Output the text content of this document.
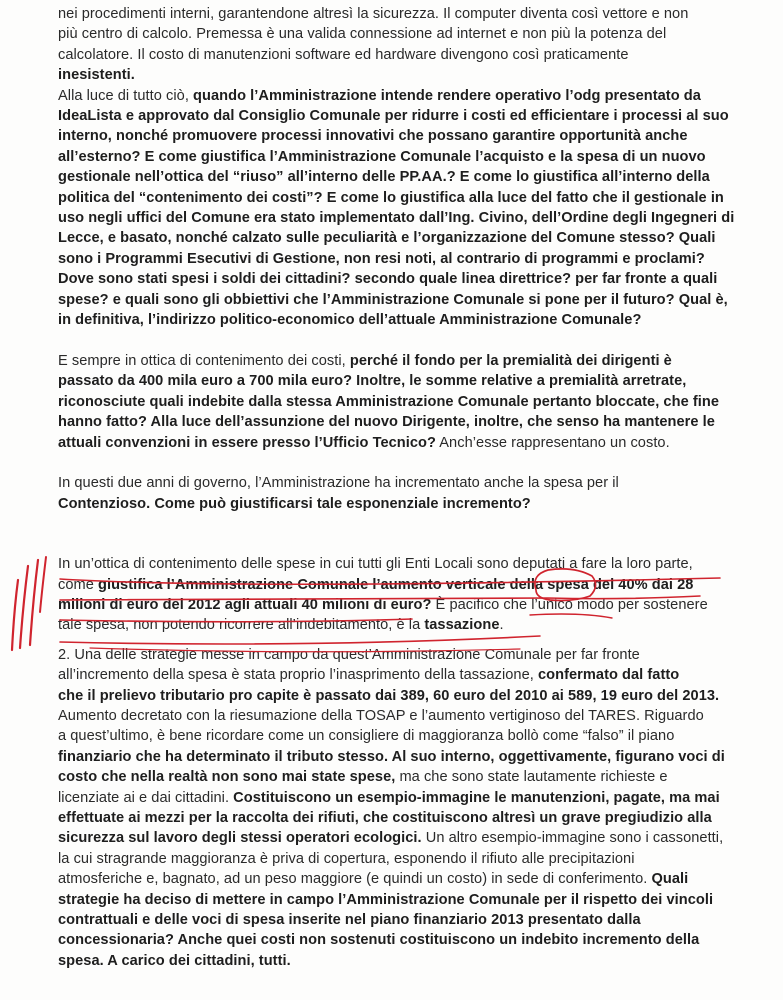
nei procedimenti interni, garantendone altresì la sicurezza. Il computer diventa così vettore e non
più centro di calcolo. Premessa è una valida connessione ad internet e non più la potenza del
calcolatore. Il costo di manutenzioni software ed hardware divengono così praticamente
inesistenti.
Alla luce di tutto ciò, quando l’Amministrazione intende rendere operativo l’odg presentato da
IdeaLista e approvato dal Consiglio Comunale per ridurre i costi ed efficientare i processi al suo
interno, nonché promuovere processi innovativi che possano garantire opportunità anche
all’esterno? E come giustifica l’Amministrazione Comunale l’acquisto e la spesa di un nuovo
gestionale nell’ottica del “riuso” all’interno delle PP.AA.? E come lo giustifica all’interno della
politica del “contenimento dei costi”? E come lo giustifica alla luce del fatto che il gestionale in
uso negli uffici del Comune era stato implementato dall’Ing. Civino, dell’Ordine degli Ingegneri di
Lecce, e basato, nonché calzato sulle peculiarità e l’organizzazione del Comune stesso? Quali
sono i Programmi Esecutivi di Gestione, non resi noti, al contrario di programmi e proclami?
Dove sono stati spesi i soldi dei cittadini? secondo quale linea direttrice? per far fronte a quali
spese? e quali sono gli obbiettivi che l’Amministrazione Comunale si pone per il futuro? Qual è,
in definitiva, l’indirizzo politico-economico dell’attuale Amministrazione Comunale?
E sempre in ottica di contenimento dei costi, perché il fondo per la premialità dei dirigenti è
passato da 400 mila euro a 700 mila euro? Inoltre, le somme relative a premialità arretrate,
riconosciute quali indebite dalla stessa Amministrazione Comunale pertanto bloccate, che fine
hanno fatto? Alla luce dell’assunzione del nuovo Dirigente, inoltre, che senso ha mantenere le
attuali convenzioni in essere presso l’Ufficio Tecnico? Anch’esse rappresentano un costo.
In questi due anni di governo, l’Amministrazione ha incrementato anche la spesa per il
Contenzioso. Come può giustificarsi tale esponenziale incremento?
In un’ottica di contenimento delle spese in cui tutti gli Enti Locali sono deputati a fare la loro parte,
come giustifica l’Amministrazione Comunale l’aumento verticale della spesa del 40% dai 28
milioni di euro del 2012 agli attuali 40 milioni di euro? È pacifico che l’unico modo per sostenere
tale spesa, non potendo ricorrere all’indebitamento, è la tassazione.
2. Una delle strategie messe in campo da quest’Amministrazione Comunale per far fronte
all’incremento della spesa è stata proprio l’inasprimento della tassazione, confermato dal fatto
che il prelievo tributario pro capite è passato dai 389, 60 euro del 2010 ai 589, 19 euro del 2013.
Aumento decretato con la riesumazione della TOSAP e l’aumento vertiginoso del TARES. Riguardo
a quest’ultimo, è bene ricordare come un consigliere di maggioranza bollò come “falso” il piano
finanziario che ha determinato il tributo stesso. Al suo interno, oggettivamente, figurano voci di
costo che nella realtà non sono mai state spese, ma che sono state lautamente richieste e
licenziate ai e dai cittadini. Costituiscono un esempio-immagine le manutenzioni, pagate, ma mai
effettuate ai mezzi per la raccolta dei rifiuti, che costituiscono altresì un grave pregiudizio alla
sicurezza sul lavoro degli stessi operatori ecologici. Un altro esempio-immagine sono i cassonetti,
la cui stragrande maggioranza è priva di copertura, esponendo il rifiuto alle precipitazioni
atmosferiche e, bagnato, ad un peso maggiore (e quindi un costo) in sede di conferimento. Quali
strategie ha deciso di mettere in campo l’Amministrazione Comunale per il rispetto dei vincoli
contrattuali e delle voci di spesa inserite nel piano finanziario 2013 presentato dalla
concessionaria? Anche quei costi non sostenuti costituiscono un indebito incremento della
spesa. A carico dei cittadini, tutti.
